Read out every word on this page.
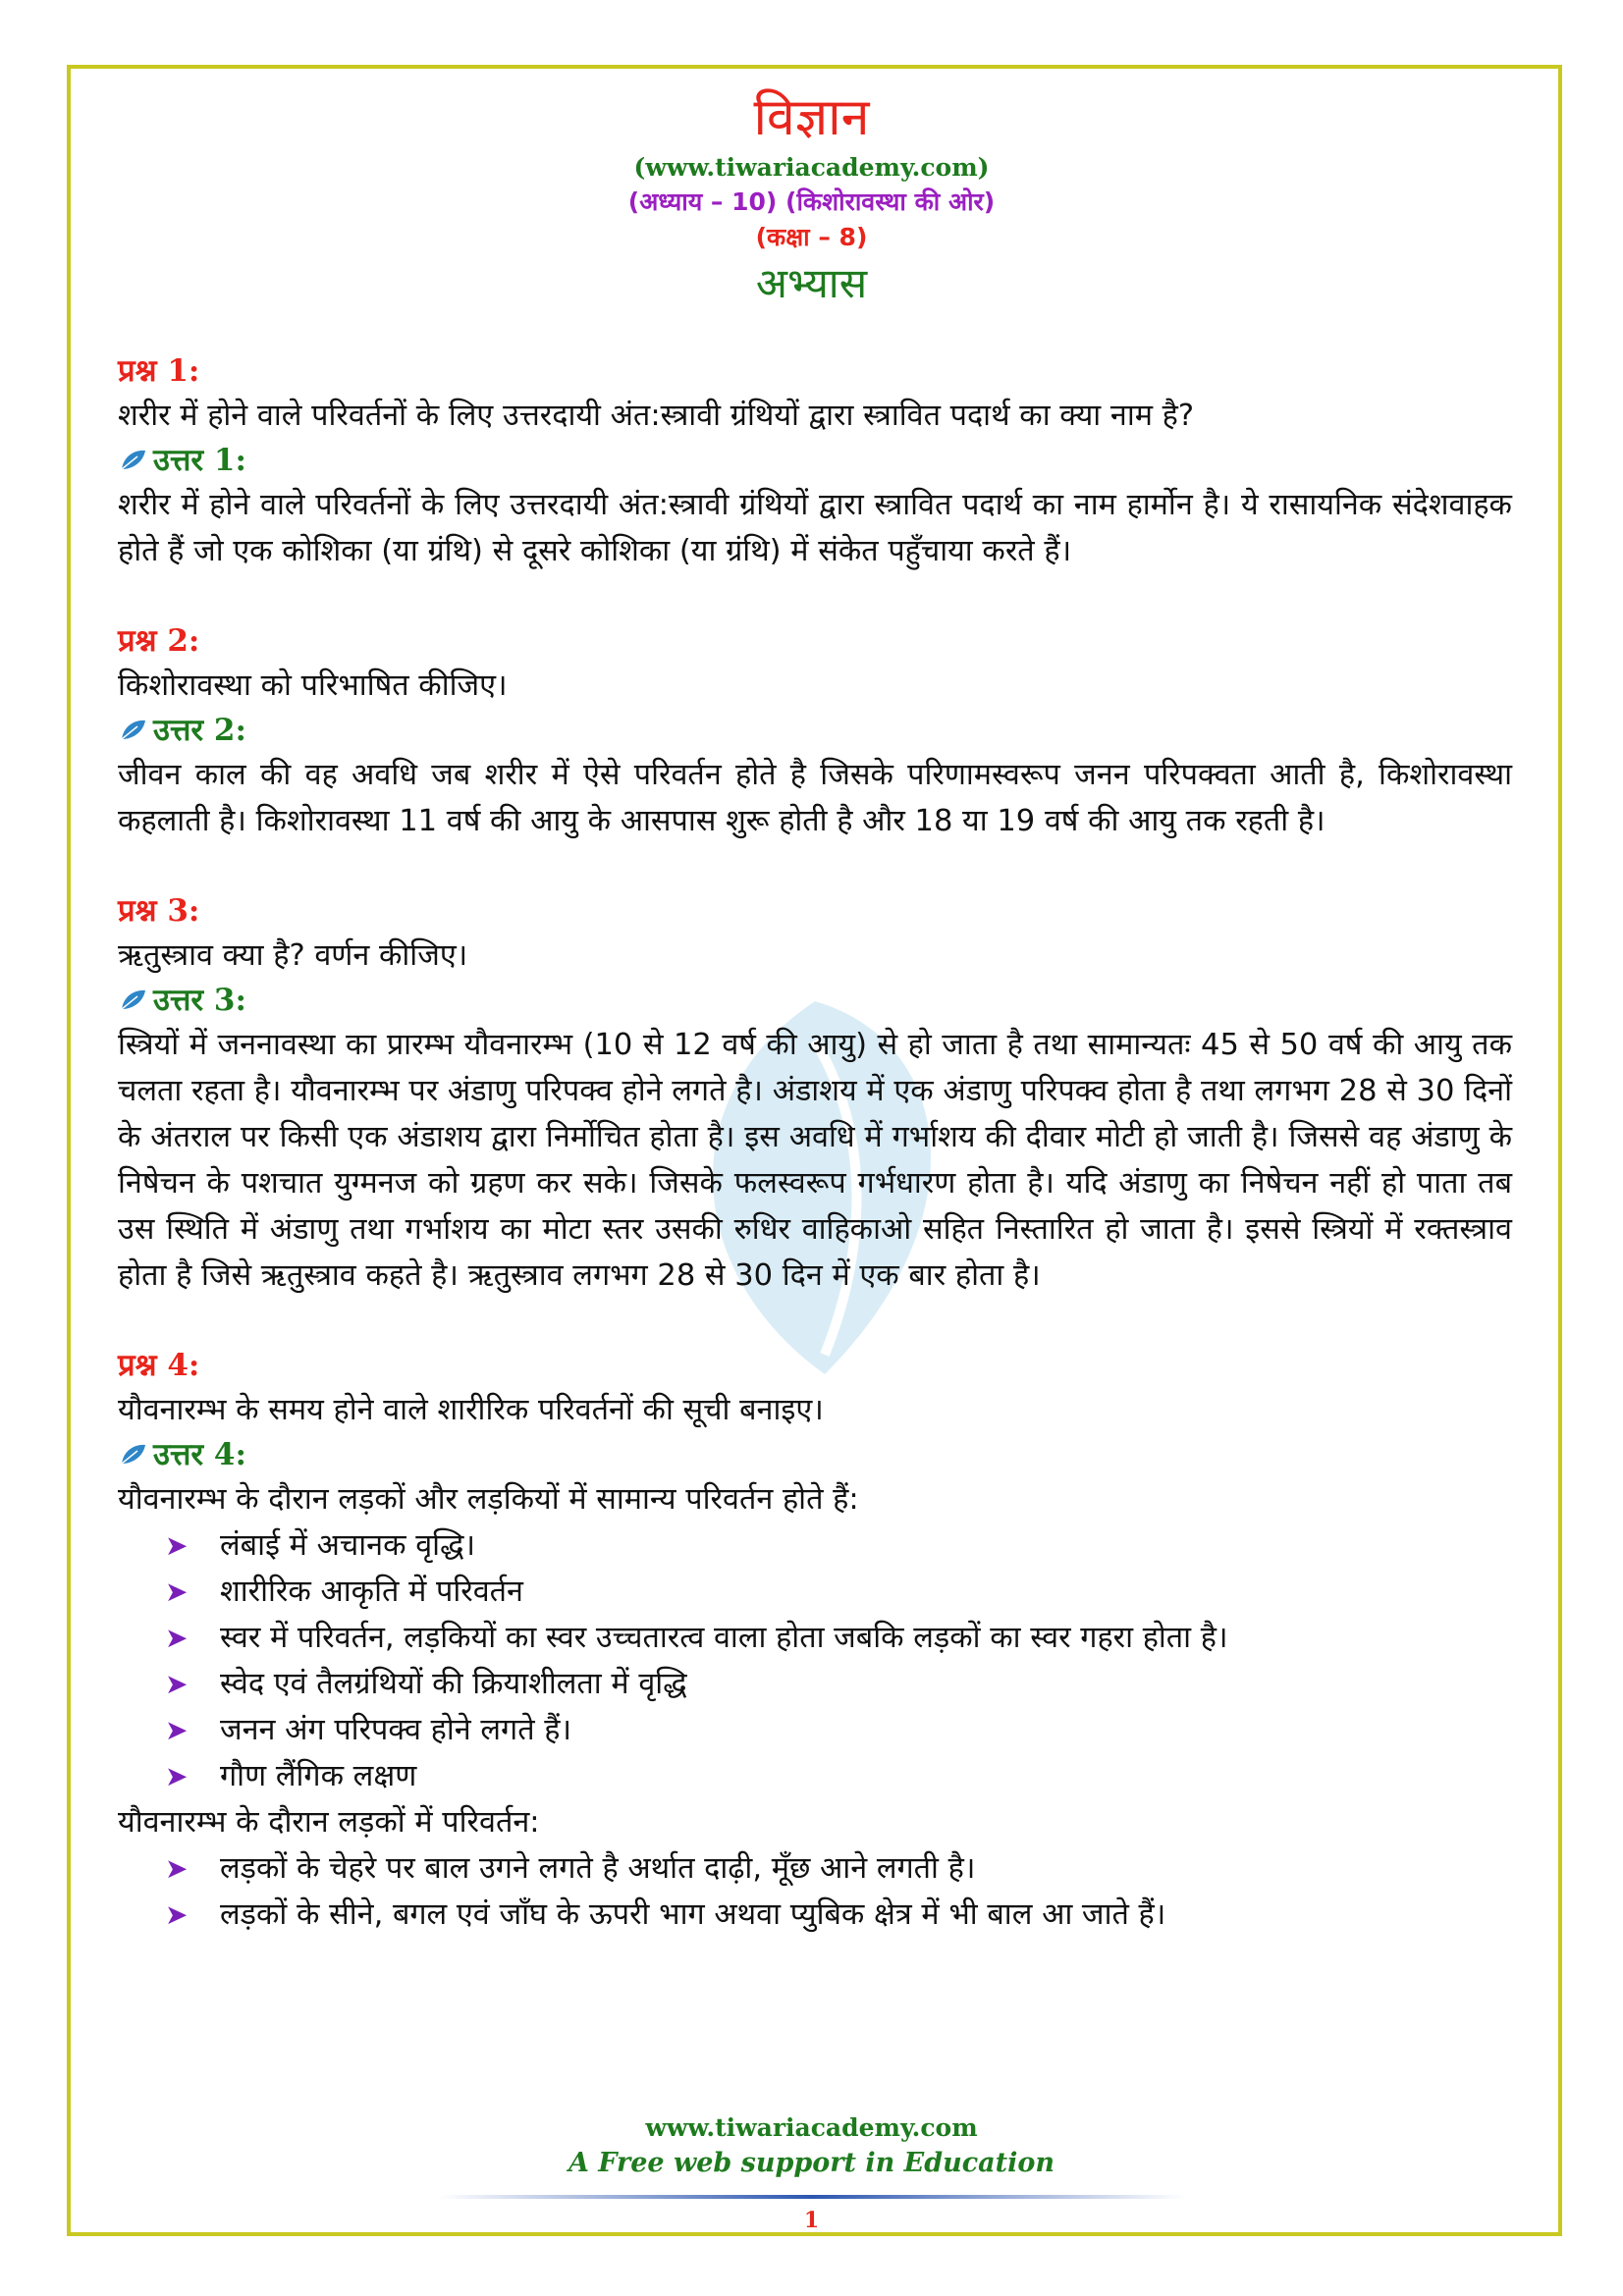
विज्ञान
(www.tiwariacademy.com)
(अध्याय – 10) (किशोरावस्था की ओर)
(कक्षा – 8)
अभ्यास
प्रश्न 1:

शरीर में होने वाले परिवर्तनों के लिए उत्तरदायी अंत:स्त्रावी ग्रंथियों द्वारा स्त्रावित पदार्थ का क्या नाम है?

उत्तर 1:

शरीर में होने वाले परिवर्तनों के लिए उत्तरदायी अंत:स्त्रावी ग्रंथियों द्वारा स्त्रावित पदार्थ का नाम हार्मोन है। ये रासायनिक संदेशवाहक होते हैं जो एक कोशिका (या ग्रंथि) से दूसरे कोशिका (या ग्रंथि) में संकेत पहुँचाया करते हैं।

प्रश्न 2:

किशोरावस्था को परिभाषित कीजिए।

उत्तर 2:

जीवन काल की वह अवधि जब शरीर में ऐसे परिवर्तन होते है जिसके परिणामस्वरूप जनन परिपक्वता आती है, किशोरावस्था कहलाती है। किशोरावस्था 11 वर्ष की आयु के आसपास शुरू होती है और 18 या 19 वर्ष की आयु तक रहती है।

प्रश्न 3:

ऋतुस्त्राव क्या है? वर्णन कीजिए।

उत्तर 3:

स्त्रियों में जननावस्था का प्रारम्भ यौवनारम्भ (10 से 12 वर्ष की आयु) से हो जाता है तथा सामान्यतः 45 से 50 वर्ष की आयु तक चलता रहता है। यौवनारम्भ पर अंडाणु परिपक्व होने लगते है। अंडाशय में एक अंडाणु परिपक्व होता है तथा लगभग 28 से 30 दिनों के अंतराल पर किसी एक अंडाशय द्वारा निर्मोचित होता है। इस अवधि में गर्भाशय की दीवार मोटी हो जाती है। जिससे वह अंडाणु के निषेचन के पशचात युग्मनज को ग्रहण कर सके। जिसके फलस्वरूप गर्भधारण होता है। यदि अंडाणु का निषेचन नहीं हो पाता तब उस स्थिति में अंडाणु तथा गर्भाशय का मोटा स्तर उसकी रुधिर वाहिकाओ सहित निस्तारित हो जाता है। इससे स्त्रियों में रक्तस्त्राव होता है जिसे ऋतुस्त्राव कहते है। ऋतुस्त्राव लगभग 28 से 30 दिन में एक बार होता है।

प्रश्न 4:

यौवनारम्भ के समय होने वाले शारीरिक परिवर्तनों की सूची बनाइए।

उत्तर 4:

यौवनारम्भ के दौरान लड़कों और लड़कियों में सामान्य परिवर्तन होते हैं:

➤ लंबाई में अचानक वृद्धि।
➤ शारीरिक आकृति में परिवर्तन
➤ स्वर में परिवर्तन, लड़कियों का स्वर उच्चतारत्व वाला होता जबकि लड़कों का स्वर गहरा होता है।
➤ स्वेद एवं तैलग्रंथियों की क्रियाशीलता में वृद्धि
➤ जनन अंग परिपक्व होने लगते हैं।
➤ गौण लैंगिक लक्षण

यौवनारम्भ के दौरान लड़कों में परिवर्तन:

➤ लड़कों के चेहरे पर बाल उगने लगते है अर्थात दाढ़ी, मूँछ आने लगती है।
➤ लड़कों के सीने, बगल एवं जाँघ के ऊपरी भाग अथवा प्युबिक क्षेत्र में भी बाल आ जाते हैं।
www.tiwariacademy.com
A Free web support in Education
1
